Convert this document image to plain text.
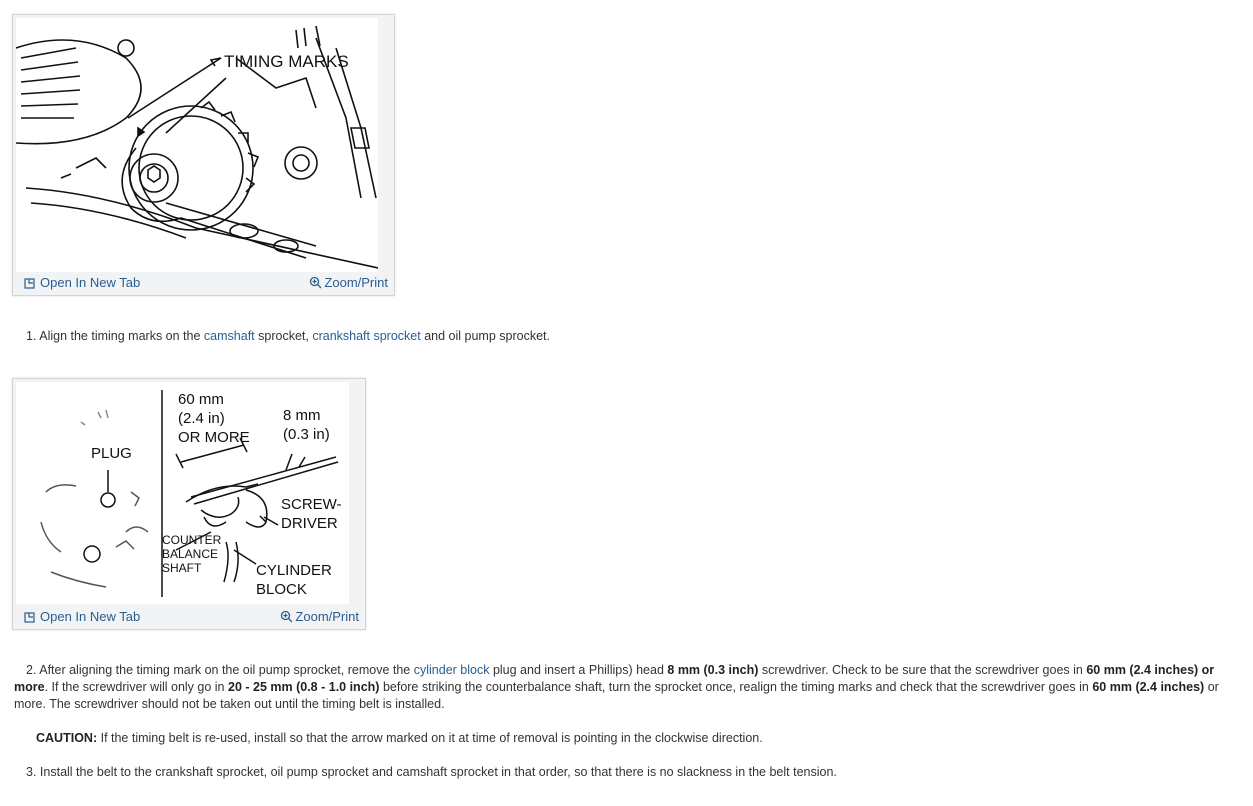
TIMING MARKS
Open In New Tab	Zoom/Print
1. Align the timing marks on the camshaft sprocket, crankshaft sprocket and oil pump sprocket.
60 mm
(2.4 in)
OR MORE
8 mm
(0.3 in)
PLUG
SCREW-
DRIVER
CYLINDER
BLOCK
COUNTER
BALANCE
SHAFT
Open In New Tab	Zoom/Print
2. After aligning the timing mark on the oil pump sprocket, remove the cylinder block plug and insert a Phillips) head 8 mm (0.3 inch) screwdriver. Check to be sure that the screwdriver goes in 60 mm (2.4 inches) or more. If the screwdriver will only go in 20 - 25 mm (0.8 - 1.0 inch) before striking the counterbalance shaft, turn the sprocket once, realign the timing marks and check that the screwdriver goes in 60 mm (2.4 inches) or more. The screwdriver should not be taken out until the timing belt is installed.
CAUTION: If the timing belt is re-used, install so that the arrow marked on it at time of removal is pointing in the clockwise direction.
3. Install the belt to the crankshaft sprocket, oil pump sprocket and camshaft sprocket in that order, so that there is no slackness in the belt tension.
